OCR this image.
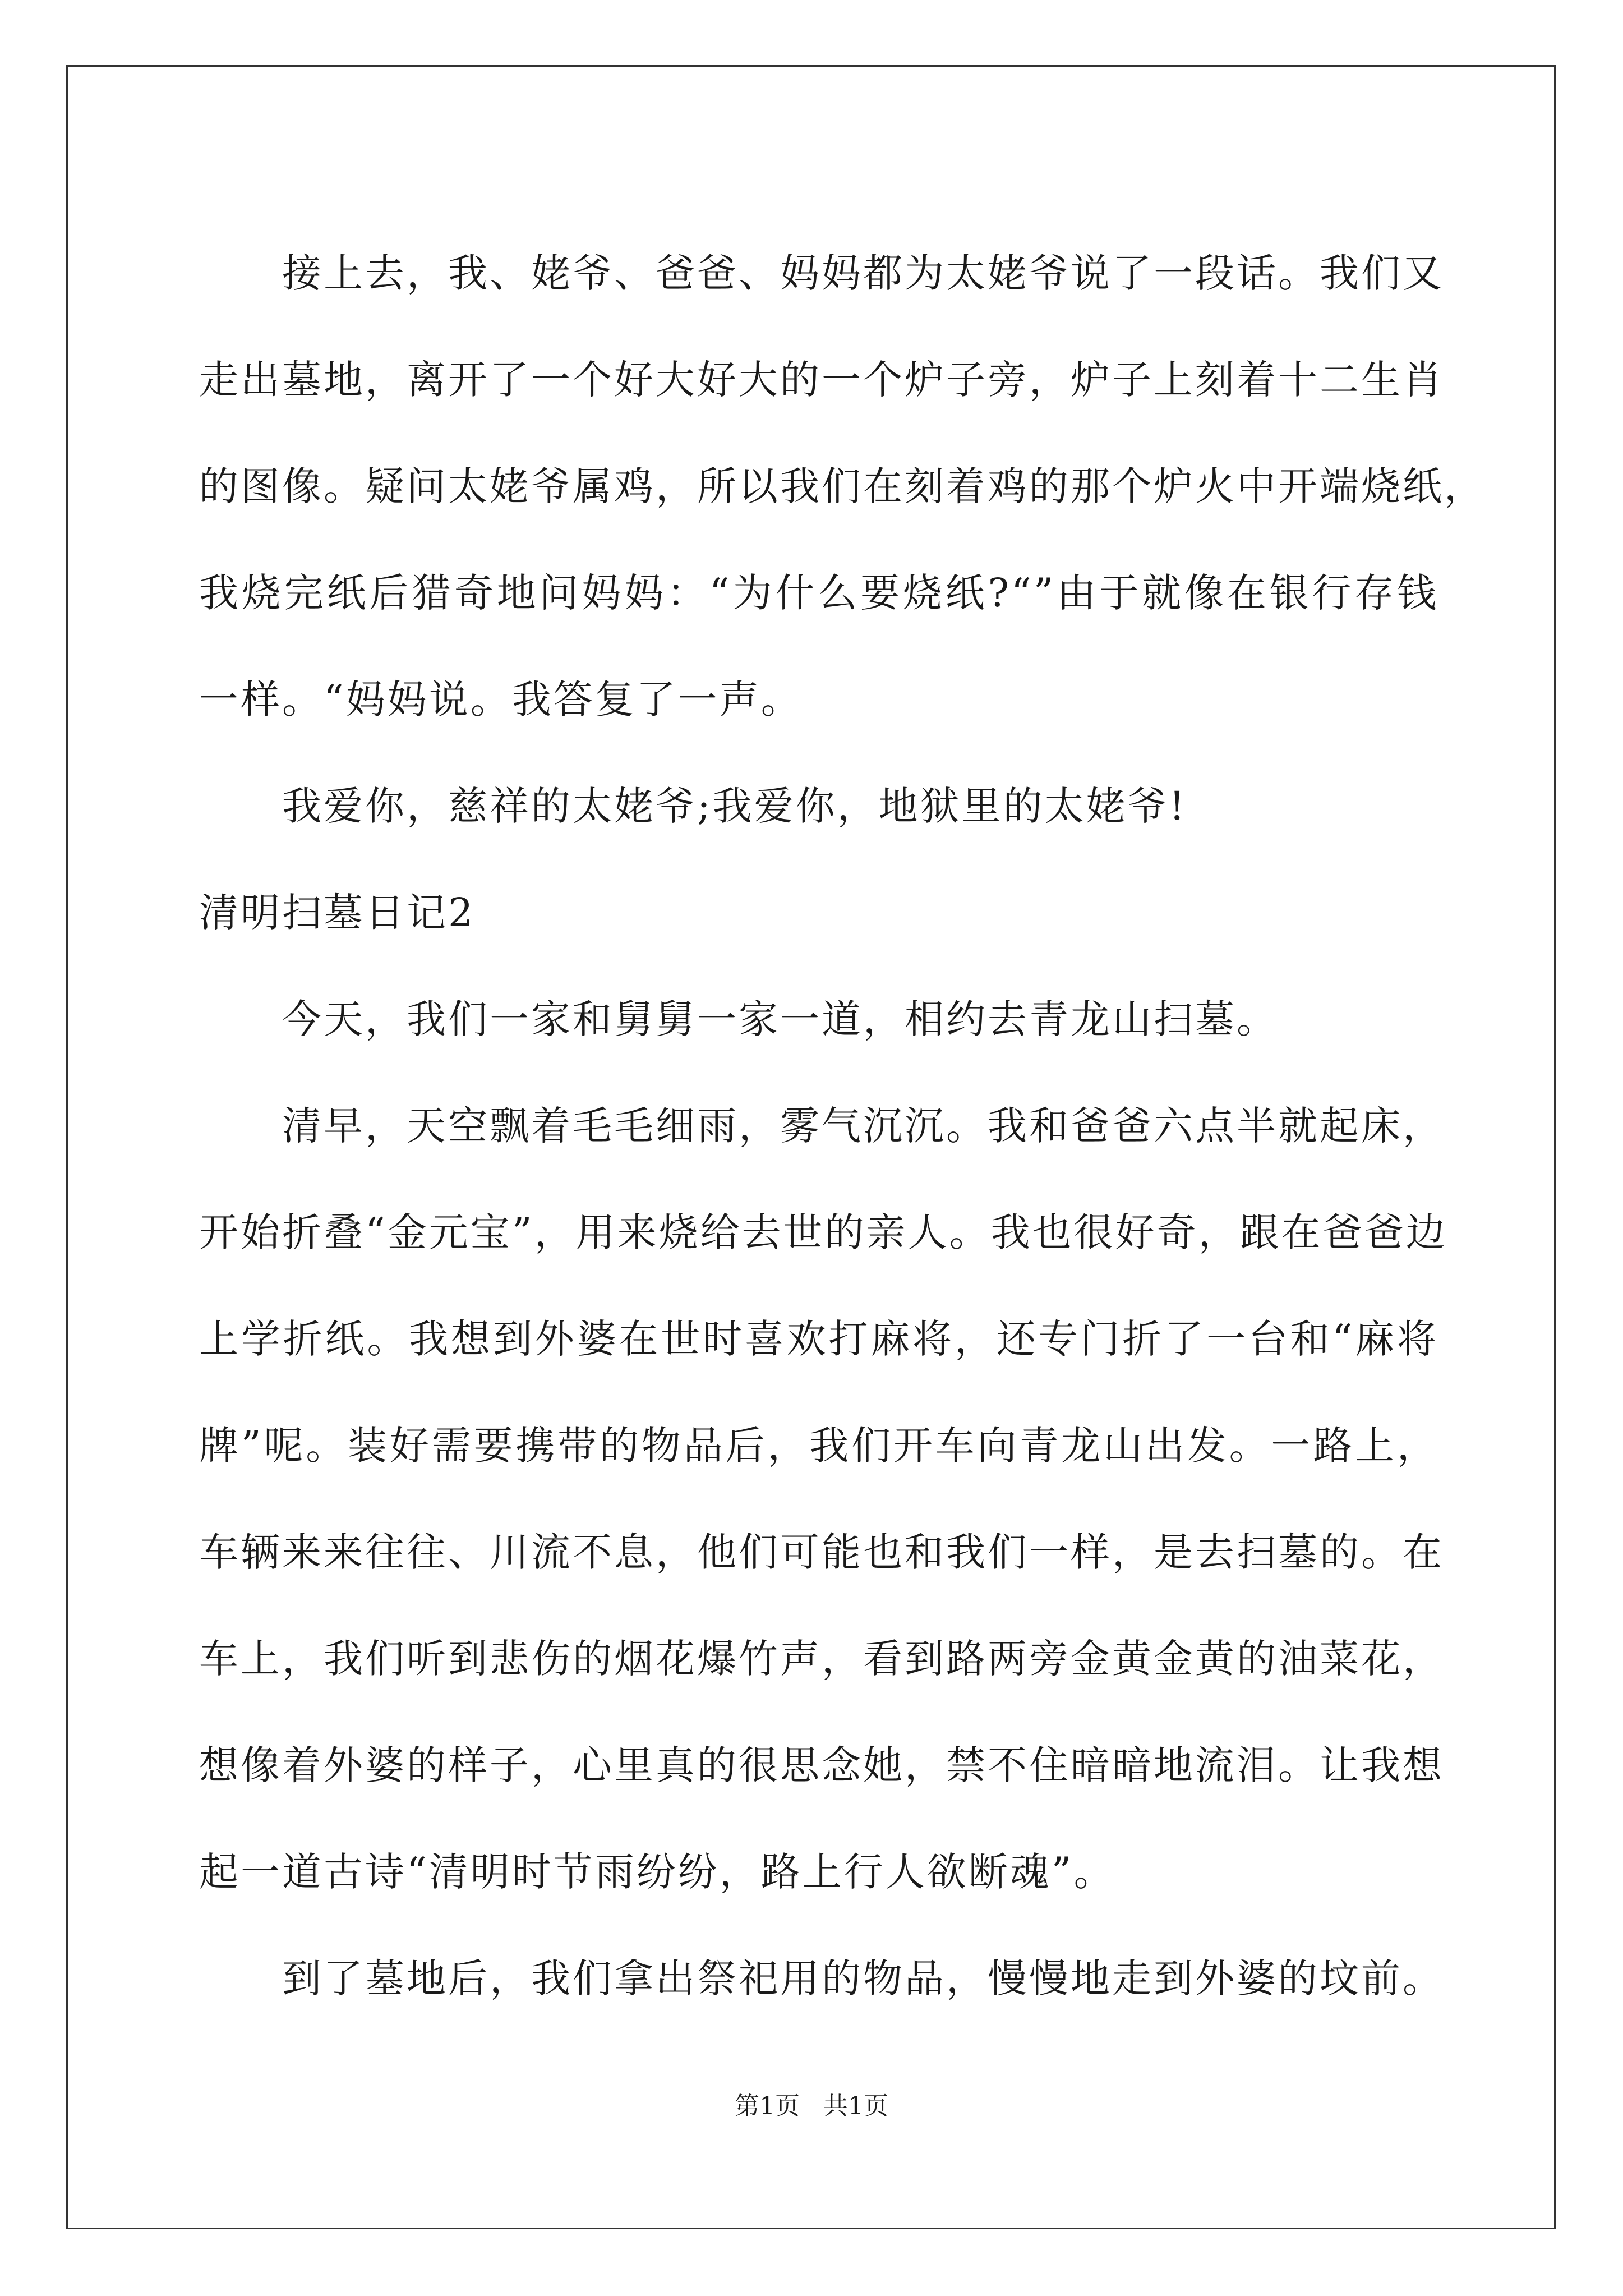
接上去，我、姥爷、爸爸、妈妈都为太姥爷说了一段话。我们又

走出墓地，离开了一个好大好大的一个炉子旁，炉子上刻着十二生肖

的图像。疑问太姥爷属鸡，所以我们在刻着鸡的那个炉火中开端烧纸，

我烧完纸后猎奇地问妈妈：“为什么要烧纸?“”由于就像在银行存钱

一样。“妈妈说。我答复了一声。

我爱你，慈祥的太姥爷;我爱你，地狱里的太姥爷!

清明扫墓日记2

今天，我们一家和舅舅一家一道，相约去青龙山扫墓。

清早，天空飘着毛毛细雨，雾气沉沉。我和爸爸六点半就起床，

开始折叠“金元宝”，用来烧给去世的亲人。我也很好奇，跟在爸爸边

上学折纸。我想到外婆在世时喜欢打麻将，还专门折了一台和“麻将

牌”呢。装好需要携带的物品后，我们开车向青龙山出发。一路上，

车辆来来往往、川流不息，他们可能也和我们一样，是去扫墓的。在

车上，我们听到悲伤的烟花爆竹声，看到路两旁金黄金黄的油菜花，

想像着外婆的样子，心里真的很思念她，禁不住暗暗地流泪。让我想

起一道古诗“清明时节雨纷纷，路上行人欲断魂”。

到了墓地后，我们拿出祭祀用的物品，慢慢地走到外婆的坟前。

第1页   共1页
